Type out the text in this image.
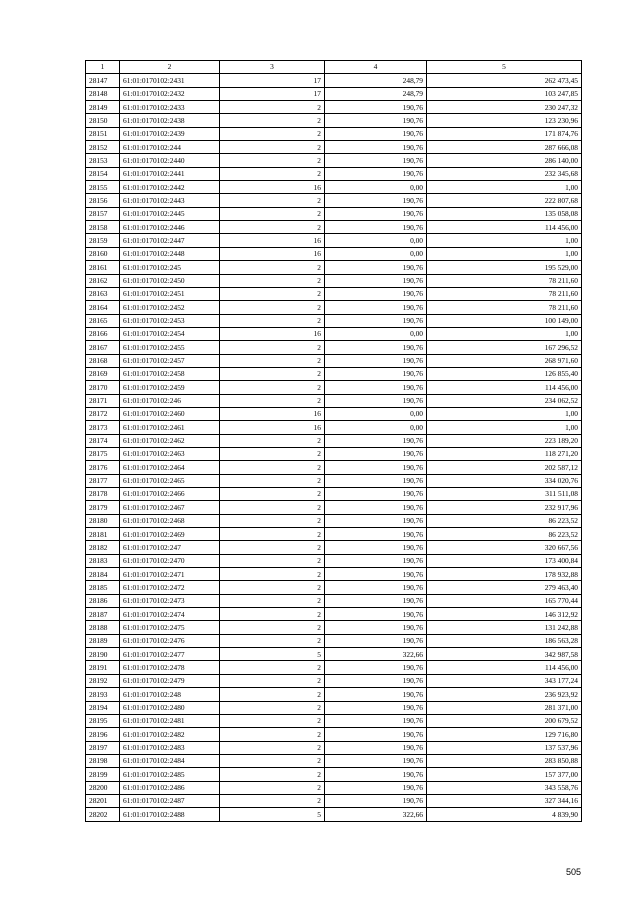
1	2	3	4	5
28147	61:01:0170102:2431	17	248,79	262 473,45
28148	61:01:0170102:2432	17	248,79	103 247,85
28149	61:01:0170102:2433	2	190,76	230 247,32
28150	61:01:0170102:2438	2	190,76	123 230,96
28151	61:01:0170102:2439	2	190,76	171 874,76
28152	61:01:0170102:244	2	190,76	287 666,08
28153	61:01:0170102:2440	2	190,76	286 140,00
28154	61:01:0170102:2441	2	190,76	232 345,68
28155	61:01:0170102:2442	16	0,00	1,00
28156	61:01:0170102:2443	2	190,76	222 807,68
28157	61:01:0170102:2445	2	190,76	135 058,08
28158	61:01:0170102:2446	2	190,76	114 456,00
28159	61:01:0170102:2447	16	0,00	1,00
28160	61:01:0170102:2448	16	0,00	1,00
28161	61:01:0170102:245	2	190,76	195 529,00
28162	61:01:0170102:2450	2	190,76	78 211,60
28163	61:01:0170102:2451	2	190,76	78 211,60
28164	61:01:0170102:2452	2	190,76	78 211,60
28165	61:01:0170102:2453	2	190,76	100 149,00
28166	61:01:0170102:2454	16	0,00	1,00
28167	61:01:0170102:2455	2	190,76	167 296,52
28168	61:01:0170102:2457	2	190,76	268 971,60
28169	61:01:0170102:2458	2	190,76	126 855,40
28170	61:01:0170102:2459	2	190,76	114 456,00
28171	61:01:0170102:246	2	190,76	234 062,52
28172	61:01:0170102:2460	16	0,00	1,00
28173	61:01:0170102:2461	16	0,00	1,00
28174	61:01:0170102:2462	2	190,76	223 189,20
28175	61:01:0170102:2463	2	190,76	118 271,20
28176	61:01:0170102:2464	2	190,76	202 587,12
28177	61:01:0170102:2465	2	190,76	334 020,76
28178	61:01:0170102:2466	2	190,76	311 511,08
28179	61:01:0170102:2467	2	190,76	232 917,96
28180	61:01:0170102:2468	2	190,76	86 223,52
28181	61:01:0170102:2469	2	190,76	86 223,52
28182	61:01:0170102:247	2	190,76	320 667,56
28183	61:01:0170102:2470	2	190,76	173 400,84
28184	61:01:0170102:2471	2	190,76	178 932,88
28185	61:01:0170102:2472	2	190,76	279 463,40
28186	61:01:0170102:2473	2	190,76	165 770,44
28187	61:01:0170102:2474	2	190,76	146 312,92
28188	61:01:0170102:2475	2	190,76	131 242,88
28189	61:01:0170102:2476	2	190,76	186 563,28
28190	61:01:0170102:2477	5	322,66	342 987,58
28191	61:01:0170102:2478	2	190,76	114 456,00
28192	61:01:0170102:2479	2	190,76	343 177,24
28193	61:01:0170102:248	2	190,76	236 923,92
28194	61:01:0170102:2480	2	190,76	281 371,00
28195	61:01:0170102:2481	2	190,76	200 679,52
28196	61:01:0170102:2482	2	190,76	129 716,80
28197	61:01:0170102:2483	2	190,76	137 537,96
28198	61:01:0170102:2484	2	190,76	283 850,88
28199	61:01:0170102:2485	2	190,76	157 377,00
28200	61:01:0170102:2486	2	190,76	343 558,76
28201	61:01:0170102:2487	2	190,76	327 344,16
28202	61:01:0170102:2488	5	322,66	4 839,90
505
